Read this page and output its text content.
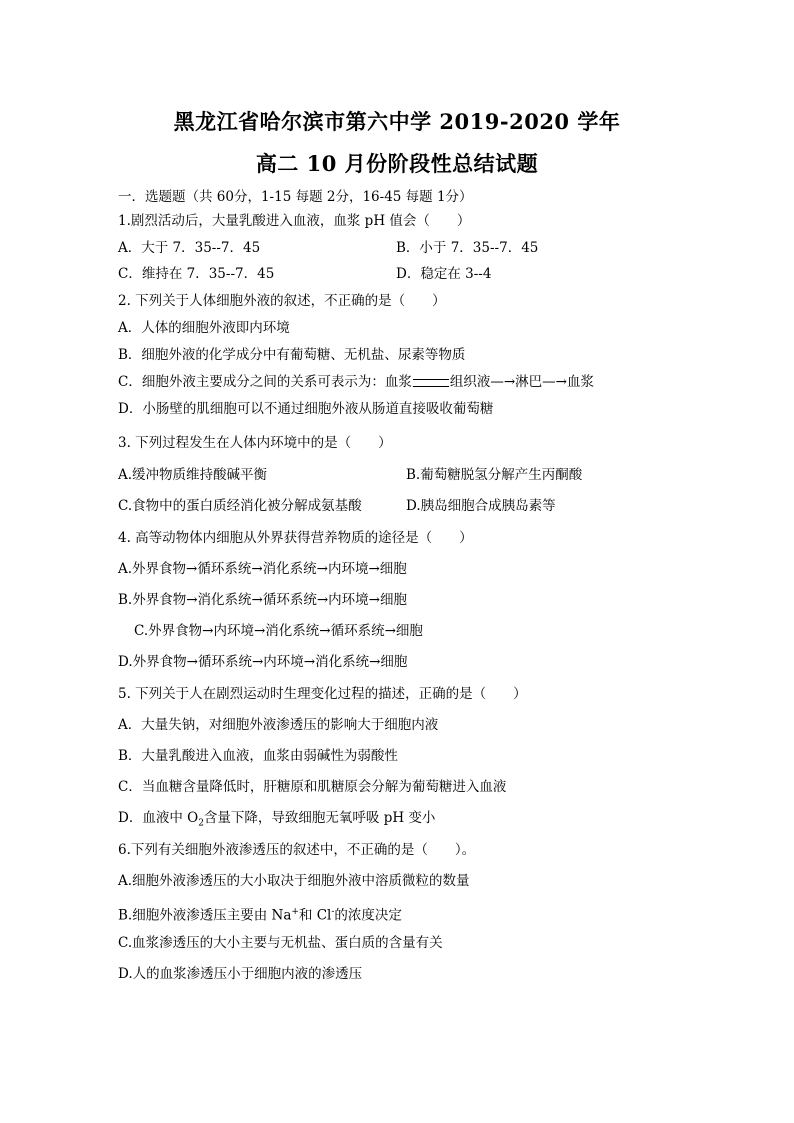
黑龙江省哈尔滨市第六中学 2019-2020 学年
高二 10 月份阶段性总结试题
一．选题题（共 60分，1-15 每题 2分，16-45 每题 1分）
1.剧烈活动后，大量乳酸进入血液，血浆 pH 值会（　　）
A．大于 7．35--7．45	B．小于 7．35--7．45
C．维持在 7．35--7．45	D．稳定在 3--4
2. 下列关于人体细胞外液的叙述，不正确的是（　　）
A．人体的细胞外液即内环境
B．细胞外液的化学成分中有葡萄糖、无机盐、尿素等物质
C．细胞外液主要成分之间的关系可表示为：血浆	组织液—→淋巴—→血浆
D．小肠壁的肌细胞可以不通过细胞外液从肠道直接吸收葡萄糖
3. 下列过程发生在人体内环境中的是（　　）
A.缓冲物质维持酸碱平衡	B.葡萄糖脱氢分解产生丙酮酸
C.食物中的蛋白质经消化被分解成氨基酸	D.胰岛细胞合成胰岛素等
4. 高等动物体内细胞从外界获得营养物质的途径是（　　）
A.外界食物→循环系统→消化系统→内环境→细胞
B.外界食物→消化系统→循环系统→内环境→细胞
C.外界食物→内环境→消化系统→循环系统→细胞
D.外界食物→循环系统→内环境→消化系统→细胞
5. 下列关于人在剧烈运动时生理变化过程的描述，正确的是（　　）
A．大量失钠，对细胞外液渗透压的影响大于细胞内液
B．大量乳酸进入血液，血浆由弱碱性为弱酸性
C．当血糖含量降低时，肝糖原和肌糖原会分解为葡萄糖进入血液
D．血液中 $O_2$含量下降，导致细胞无氧呼吸 pH 变小
6.下列有关细胞外液渗透压的叙述中，不正确的是（　　）。
A.细胞外液渗透压的大小取决于细胞外液中溶质微粒的数量
B.细胞外液渗透压主要由 Na+和 Cl-的浓度决定
C.血浆渗透压的大小主要与无机盐、蛋白质的含量有关
D.人的血浆渗透压小于细胞内液的渗透压
